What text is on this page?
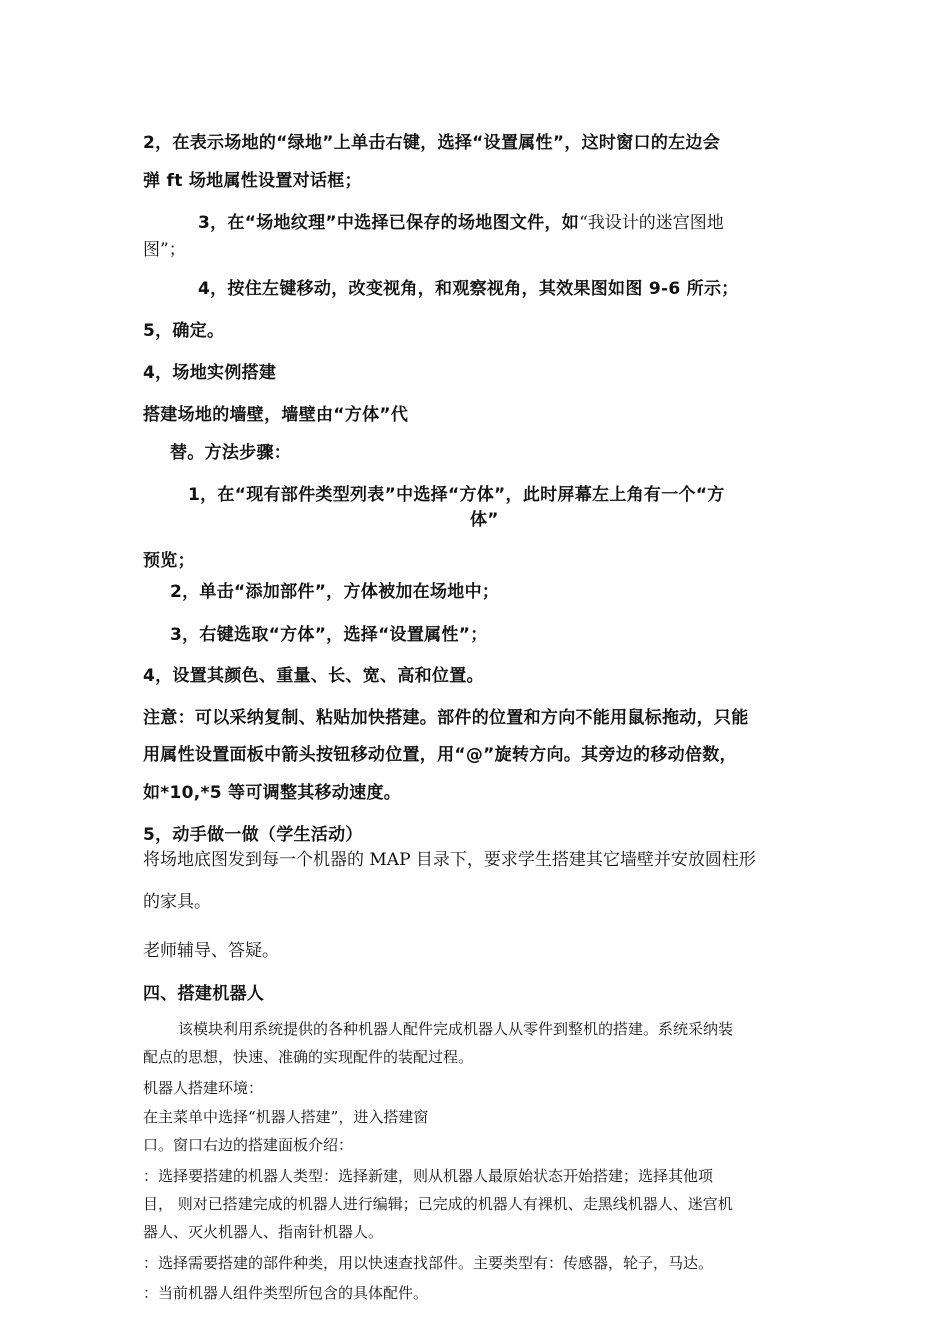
2，在表示场地的“绿地”上单击右键，选择“设置属性”，这时窗口的左边会
弹 ft 场地属性设置对话框；
3，在“场地纹理”中选择已保存的场地图文件，如“我设计的迷宫图地
图”；
4，按住左键移动，改变视角，和观察视角，其效果图如图 9-6 所示；
5，确定。
4，场地实例搭建
搭建场地的墙壁，墙壁由“方体”代
替。方法步骤：
1，在“现有部件类型列表”中选择“方体”，此时屏幕左上角有一个“方
体”
预览；
2，单击“添加部件”，方体被加在场地中；
3，右键选取“方体”，选择“设置属性”；
4，设置其颜色、重量、长、宽、高和位置。
注意：可以采纳复制、粘贴加快搭建。部件的位置和方向不能用鼠标拖动，只能
用属性设置面板中箭头按钮移动位置，用“@”旋转方向。其旁边的移动倍数，
如*10,*5 等可调整其移动速度。
5，动手做一做（学生活动）
将场地底图发到每一个机器的 MAP 目录下，要求学生搭建其它墙壁并安放圆柱形
的家具。
老师辅导、答疑。
四、搭建机器人
该模块利用系统提供的各种机器人配件完成机器人从零件到整机的搭建。系统采纳装
配点的思想，快速、准确的实现配件的装配过程。
机器人搭建环境：
在主菜单中选择“机器人搭建”，进入搭建窗
口。窗口右边的搭建面板介绍：
：选择要搭建的机器人类型：选择新建，则从机器人最原始状态开始搭建；选择其他项
目， 则对已搭建完成的机器人进行编辑；已完成的机器人有裸机、走黑线机器人、迷宫机
器人、灭火机器人、指南针机器人。
：选择需要搭建的部件种类，用以快速查找部件。主要类型有：传感器，轮子，马达。
：当前机器人组件类型所包含的具体配件。
